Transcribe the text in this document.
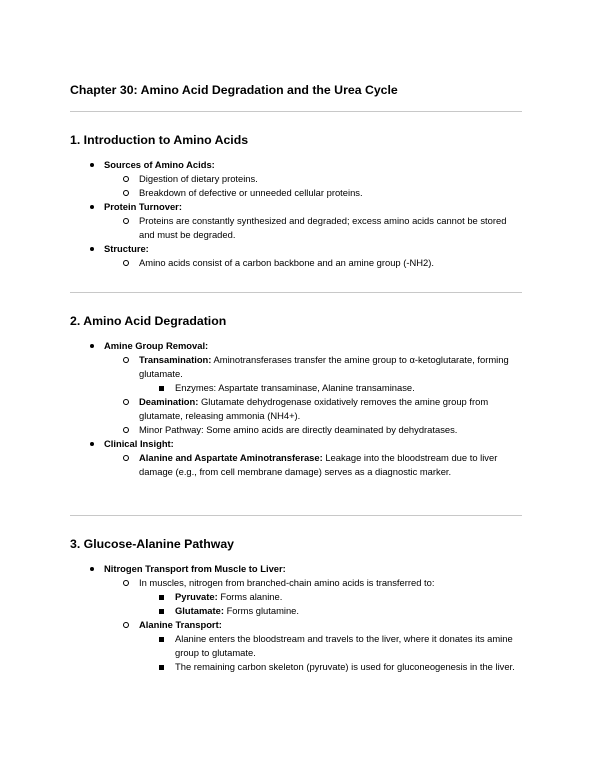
Chapter 30: Amino Acid Degradation and the Urea Cycle
1. Introduction to Amino Acids
Sources of Amino Acids:
Digestion of dietary proteins.
Breakdown of defective or unneeded cellular proteins.
Protein Turnover:
Proteins are constantly synthesized and degraded; excess amino acids cannot be stored and must be degraded.
Structure:
Amino acids consist of a carbon backbone and an amine group (-NH2).
2. Amino Acid Degradation
Amine Group Removal:
Transamination: Aminotransferases transfer the amine group to α-ketoglutarate, forming glutamate.
Enzymes: Aspartate transaminase, Alanine transaminase.
Deamination: Glutamate dehydrogenase oxidatively removes the amine group from glutamate, releasing ammonia (NH4+).
Minor Pathway: Some amino acids are directly deaminated by dehydratases.
Clinical Insight:
Alanine and Aspartate Aminotransferase: Leakage into the bloodstream due to liver damage (e.g., from cell membrane damage) serves as a diagnostic marker.
3. Glucose-Alanine Pathway
Nitrogen Transport from Muscle to Liver:
In muscles, nitrogen from branched-chain amino acids is transferred to:
Pyruvate: Forms alanine.
Glutamate: Forms glutamine.
Alanine Transport:
Alanine enters the bloodstream and travels to the liver, where it donates its amine group to glutamate.
The remaining carbon skeleton (pyruvate) is used for gluconeogenesis in the liver.
